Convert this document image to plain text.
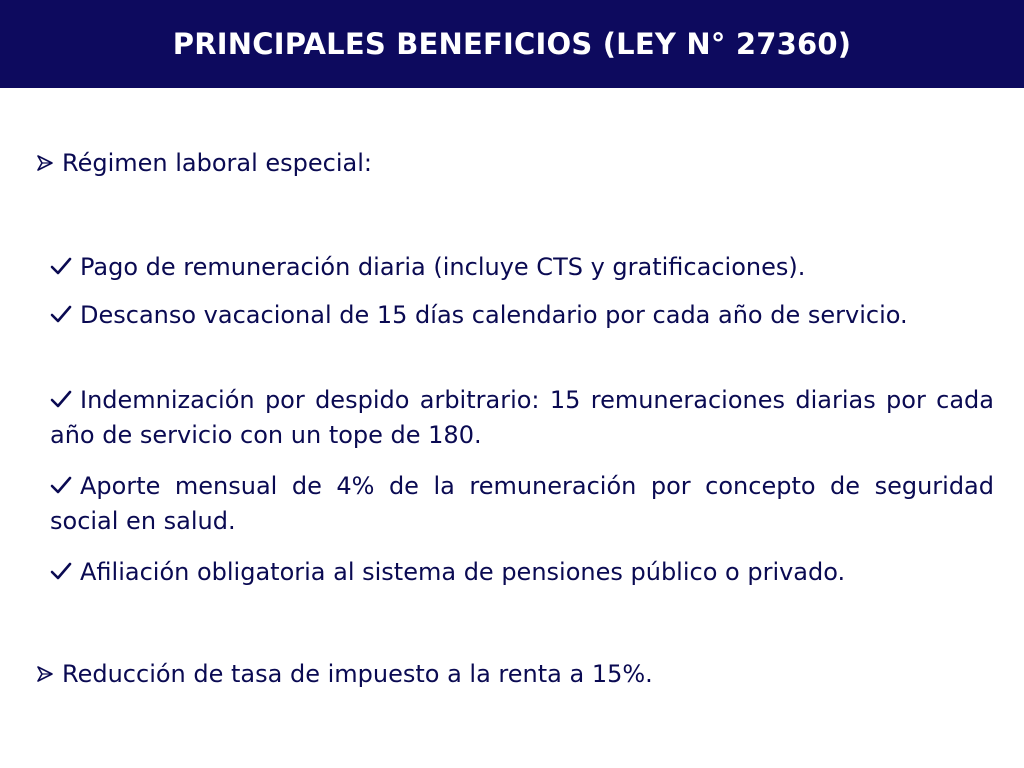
PRINCIPALES BENEFICIOS (LEY N° 27360)
Régimen laboral especial:
Pago de remuneración diaria (incluye CTS y gratificaciones).
Descanso vacacional de 15 días calendario por cada año de servicio.
Indemnización por despido arbitrario: 15 remuneraciones diarias por cada año de servicio con un tope de 180.
Aporte mensual de 4% de la remuneración por concepto de seguridad social en salud.
Afiliación obligatoria al sistema de pensiones público o privado.
Reducción de tasa de impuesto a la renta a 15%.
